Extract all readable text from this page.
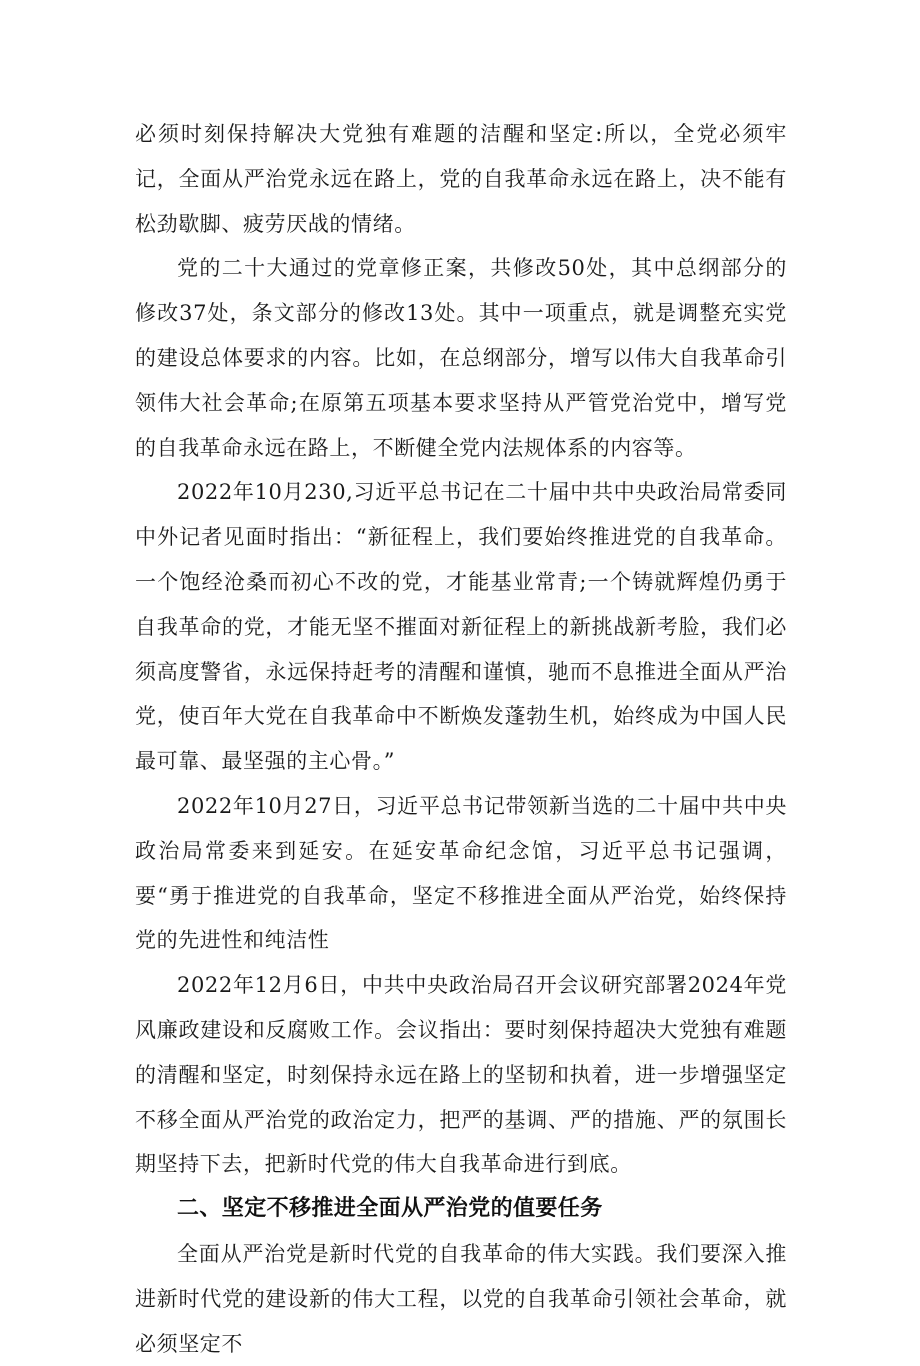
必须时刻保持解决大党独有难题的洁醒和坚定:所以，全党必须牢记，全面从严治党永远在路上，党的自我革命永远在路上，决不能有松劲歇脚、疲劳厌战的情绪。

党的二十大通过的党章修正案，共修改50处，其中总纲部分的修改37处，条文部分的修改13处。其中一项重点，就是调整充实党的建设总体要求的内容。比如，在总纲部分，增写以伟大自我革命引领伟大社会革命;在原第五项基本要求坚持从严管党治党中，增写党的自我革命永远在路上，不断健全党内法规体系的内容等。

2022年10月230,习近平总书记在二十届中共中央政治局常委同中外记者见面时指出：“新征程上，我们要始终推进党的自我革命。一个饱经沧桑而初心不改的党，才能基业常青;一个铸就辉煌仍勇于自我革命的党，才能无坚不摧面对新征程上的新挑战新考脸，我们必须高度警省，永远保持赶考的清醒和谨慎，驰而不息推进全面从严治党，使百年大党在自我革命中不断焕发蓬勃生机，始终成为中国人民最可靠、最坚强的主心骨。”

2022年10月27日，习近平总书记带领新当选的二十届中共中央政治局常委来到延安。在延安革命纪念馆，习近平总书记强调，要“勇于推进党的自我革命，坚定不移推进全面从严治党，始终保持党的先进性和纯洁性

2022年12月6日，中共中央政治局召开会议研究部署2024年党风廉政建设和反腐败工作。会议指出：要时刻保持超决大党独有难题的清醒和坚定，时刻保持永远在路上的坚韧和执着，进一步增强坚定不移全面从严治党的政治定力，把严的基调、严的措施、严的氛围长期坚持下去，把新时代党的伟大自我革命进行到底。

二、坚定不移推进全面从严治党的值要任务

全面从严治党是新时代党的自我革命的伟大实践。我们要深入推进新时代党的建设新的伟大工程，以党的自我革命引领社会革命，就必须坚定不
